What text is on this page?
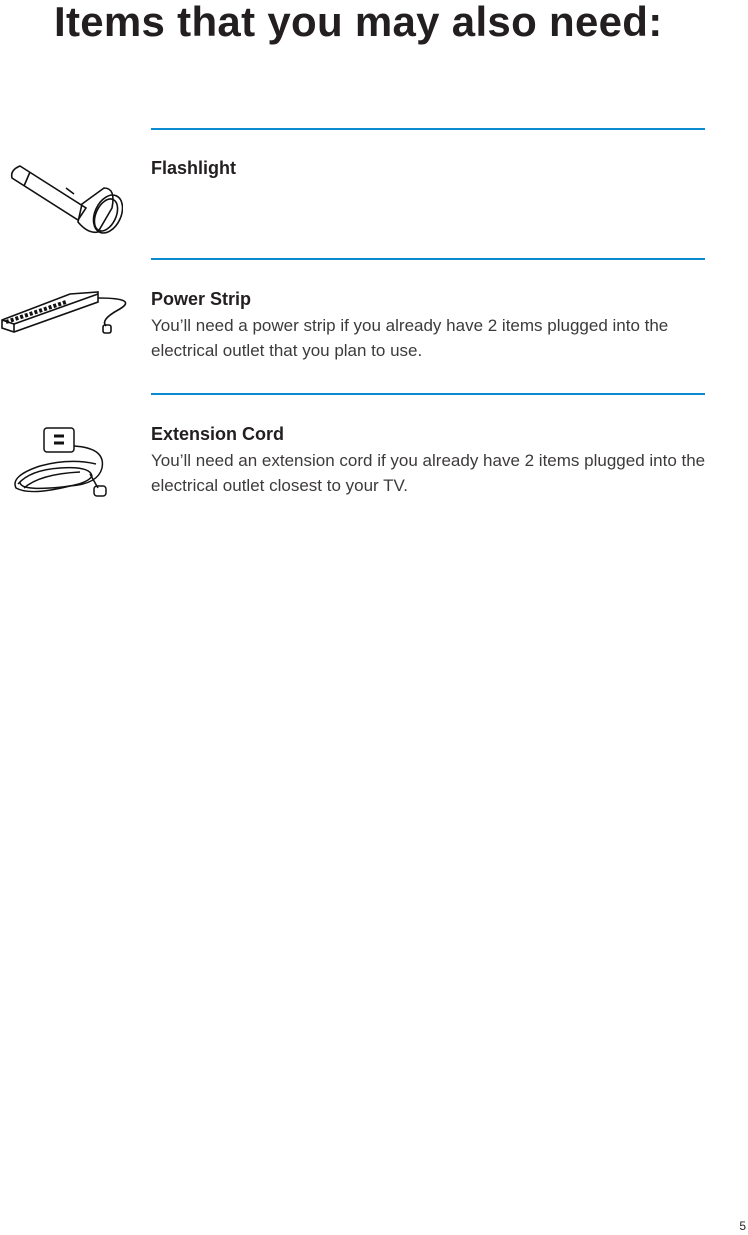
Items that you may also need:
Flashlight
Power Strip

You’ll need a power strip if you already have 2 items plugged into the electrical outlet that you plan to use.

Extension Cord

You’ll need an extension cord if you already have 2 items plugged into the electrical outlet closest to your TV.

5
